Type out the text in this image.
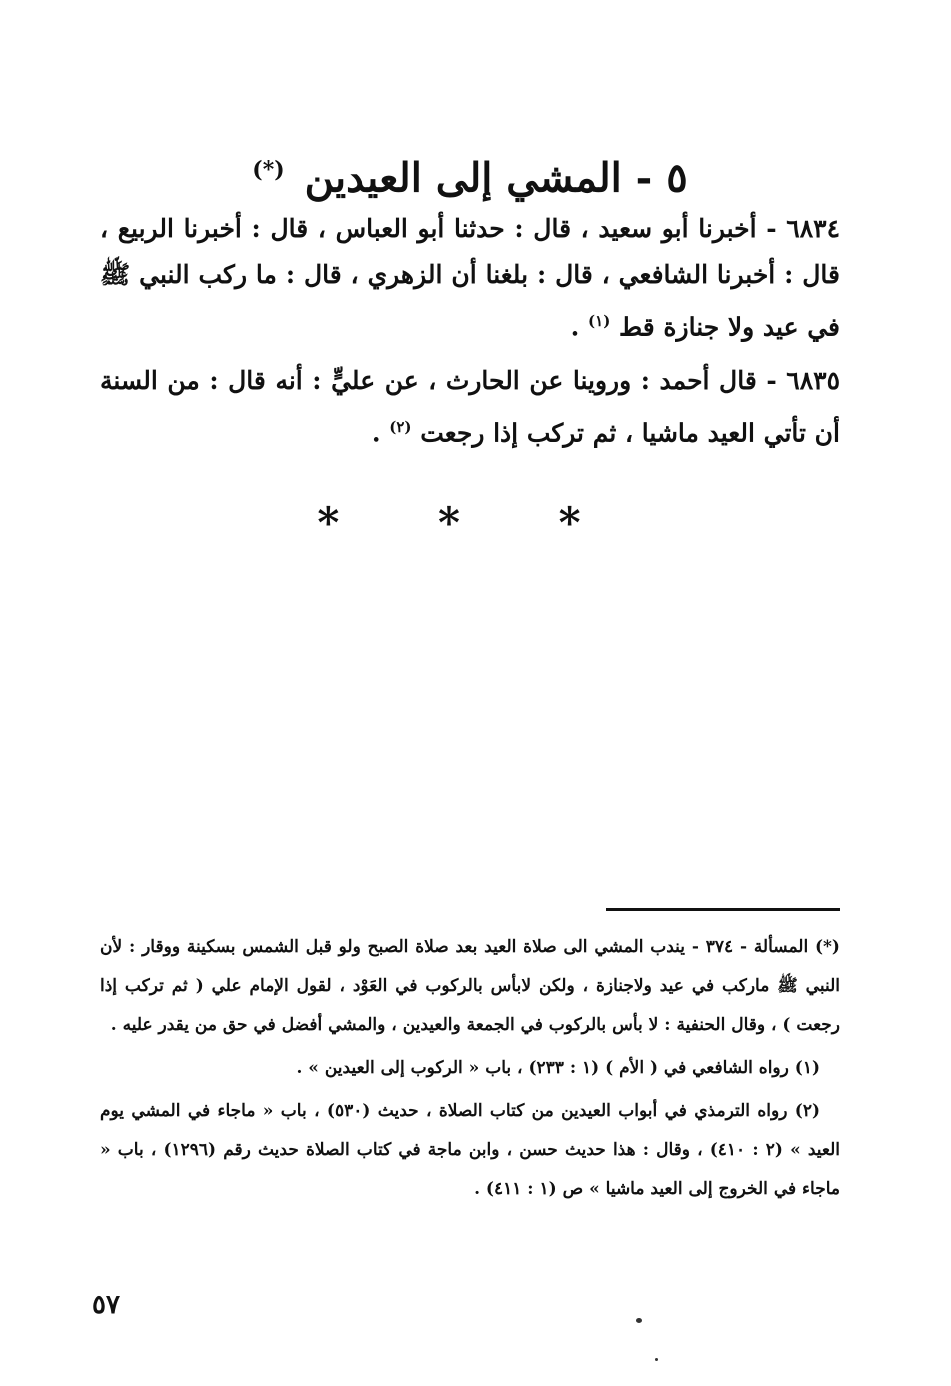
٥ - المشي إلى العيدين (*)

٦٨٣٤ - أخبرنا أبو سعيد ، قال : حدثنا أبو العباس ، قال : أخبرنا الربيع ، قال : أخبرنا الشافعي ، قال : بلغنا أن الزهري ، قال : ما ركب النبي ﷺ في عيد ولا جنازة قط $^{(١)}$ .

٦٨٣٥ - قال أحمد : وروينا عن الحارث ، عن عليٍّ : أنه قال : من السنة أن تأتي العيد ماشيا ، ثم تركب إذا رجعت $^{(٢)}$ .

* * *

(*) المسألة - ٣٧٤ - يندب المشي الى صلاة العيد بعد صلاة الصبح ولو قبل الشمس بسكينة ووقار : لأن النبي ﷺ ماركب في عيد ولاجنازة ، ولكن لابأس بالركوب في العَوْد ، لقول الإمام علي ( ثم تركب إذا رجعت ) ، وقال الحنفية : لا بأس بالركوب في الجمعة والعيدين ، والمشي أفضل في حق من يقدر عليه .

(١) رواه الشافعي في ( الأم ) (١ : ٢٣٣) ، باب « الركوب إلى العيدين » .

(٢) رواه الترمذي في أبواب العيدين من كتاب الصلاة ، حديث (٥٣٠) ، باب « ماجاء في المشي يوم العيد » (٢ : ٤١٠) ، وقال : هذا حديث حسن ، وابن ماجة في كتاب الصلاة حديث رقم (١٢٩٦) ، باب « ماجاء في الخروج إلى العيد ماشيا » ص (١ : ٤١١) .

٥٧
